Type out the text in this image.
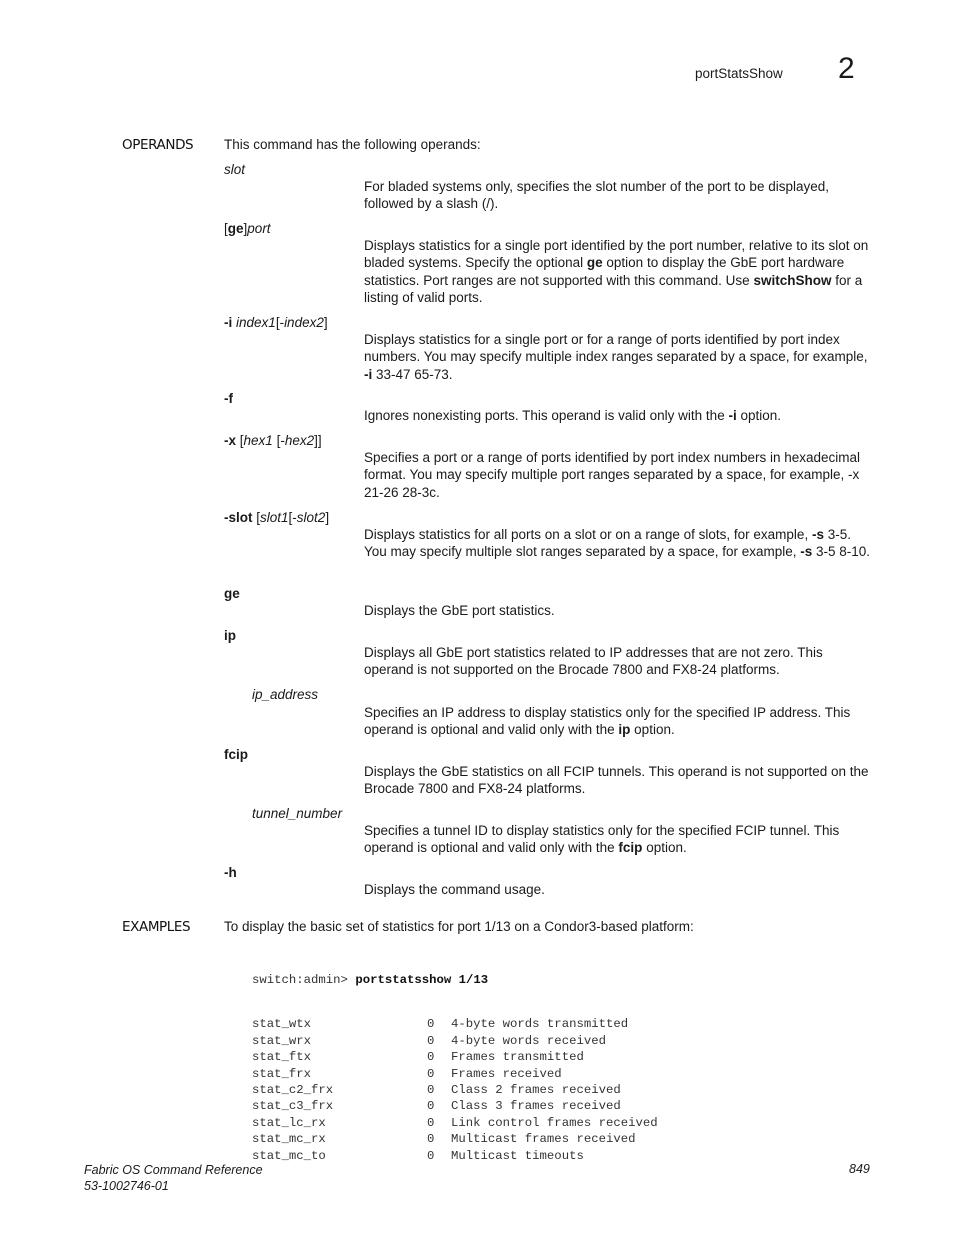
portStatsShow 2
OPERANDS This command has the following operands:
slot
For bladed systems only, specifies the slot number of the port to be displayed, followed by a slash (/).
[ge]port
Displays statistics for a single port identified by the port number, relative to its slot on bladed systems. Specify the optional ge option to display the GbE port hardware statistics. Port ranges are not supported with this command. Use switchShow for a listing of valid ports.
-i index1[-index2]
Displays statistics for a single port or for a range of ports identified by port index numbers. You may specify multiple index ranges separated by a space, for example, -i 33-47 65-73.
-f
Ignores nonexisting ports. This operand is valid only with the -i option.
-x [hex1 [-hex2]]
Specifies a port or a range of ports identified by port index numbers in hexadecimal format. You may specify multiple port ranges separated by a space, for example, -x 21-26 28-3c.
-slot [slot1[-slot2]
Displays statistics for all ports on a slot or on a range of slots, for example, -s 3-5. You may specify multiple slot ranges separated by a space, for example, -s 3-5 8-10.
ge
Displays the GbE port statistics.
ip
Displays all GbE port statistics related to IP addresses that are not zero. This operand is not supported on the Brocade 7800 and FX8-24 platforms.
ip_address
Specifies an IP address to display statistics only for the specified IP address. This operand is optional and valid only with the ip option.
fcip
Displays the GbE statistics on all FCIP tunnels. This operand is not supported on the Brocade 7800 and FX8-24 platforms.
tunnel_number
Specifies a tunnel ID to display statistics only for the specified FCIP tunnel. This operand is optional and valid only with the fcip option.
-h
Displays the command usage.
EXAMPLES	To display the basic set of statistics for port 1/13 on a Condor3-based platform:

switch:admin> portstatsshow 1/13

stat_wtx	0 4-byte words transmitted
stat_wrx	0 4-byte words received
stat_ftx	0 Frames transmitted
stat_frx	0 Frames received
stat_c2_frx	0 Class 2 frames received
stat_c3_frx	0 Class 3 frames received
stat_lc_rx	0 Link control frames received
stat_mc_rx	0 Multicast frames received
stat_mc_to	0 Multicast timeouts

Fabric OS Command Reference
53-1002746-01
849
